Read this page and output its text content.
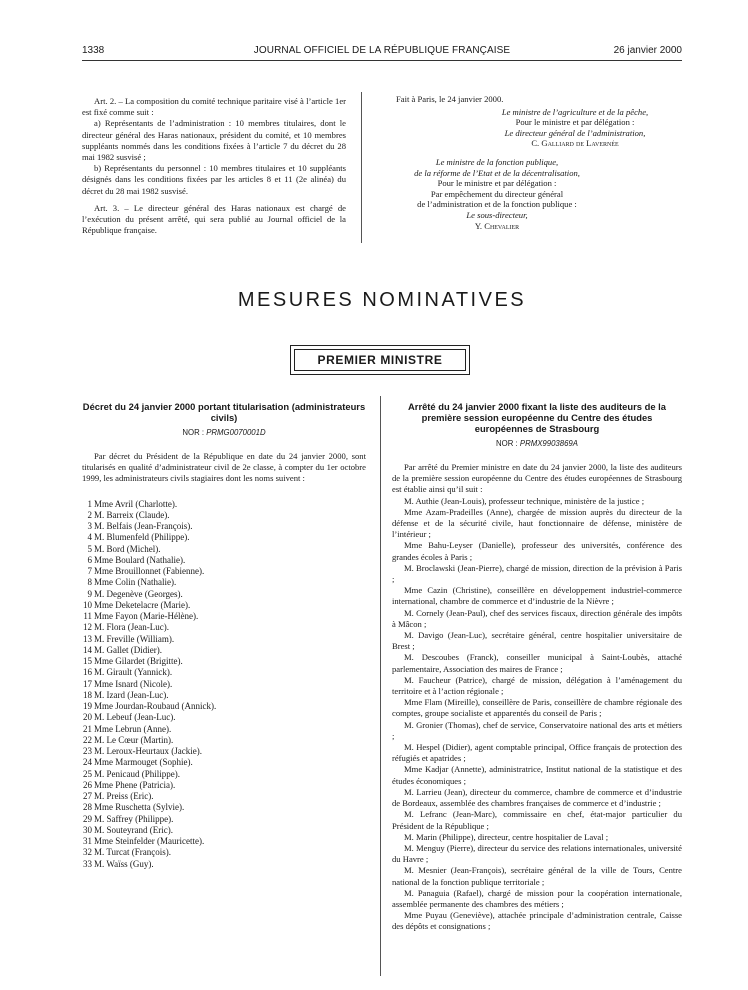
1338	JOURNAL OFFICIEL DE LA RÉPUBLIQUE FRANÇAISE	26 janvier 2000

Art. 2. – La composition du comité technique paritaire visé à l’article 1er est fixé comme suit :

a) Représentants de l’administration : 10 membres titulaires, dont le directeur général des Haras nationaux, président du comité, et 10 membres suppléants nommés dans les conditions fixées à l’article 7 du décret du 28 mai 1982 susvisé ;

b) Représentants du personnel : 10 membres titulaires et 10 suppléants désignés dans les conditions fixées par les articles 8 et 11 (2e alinéa) du décret du 28 mai 1982 susvisé.

Art. 3. – Le directeur général des Haras nationaux est chargé de l’exécution du présent arrêté, qui sera publié au Journal officiel de la République française.

Fait à Paris, le 24 janvier 2000.

Le ministre de l’agriculture et de la pêche,

Pour le ministre et par délégation :

Le directeur général de l’administration,

C. Galliard de Lavernée

Le ministre de la fonction publique,

de la réforme de l’Etat et de la décentralisation,

Pour le ministre et par délégation :

Par empêchement du directeur général

de l’administration et de la fonction publique :

Le sous-directeur,

Y. Chevalier

MESURES NOMINATIVES
PREMIER MINISTRE

Décret du 24 janvier 2000 portant titularisation (administrateurs civils)

NOR : PRMG0070001D

Par décret du Président de la République en date du 24 janvier 2000, sont titularisés en qualité d’administrateur civil de 2e classe, à compter du 1er octobre 1999, les administrateurs civils stagiaires dont les noms suivent :

1 Mme Avril (Charlotte).
2 M. Barreix (Claude).
3 M. Belfais (Jean-François).
4 M. Blumenfeld (Philippe).
5 M. Bord (Michel).
6 Mme Boulard (Nathalie).
7 Mme Brouillonnet (Fabienne).
8 Mme Colin (Nathalie).
9 M. Degenève (Georges).
10 Mme Deketelacre (Marie).
11 Mme Fayon (Marie-Hélène).
12 M. Flora (Jean-Luc).
13 M. Freville (William).
14 M. Gallet (Didier).
15 Mme Gilardet (Brigitte).
16 M. Girault (Yannick).
17 Mme Isnard (Nicole).
18 M. Izard (Jean-Luc).
19 Mme Jourdan-Roubaud (Annick).
20 M. Lebeuf (Jean-Luc).
21 Mme Lebrun (Anne).
22 M. Le Cœur (Martin).
23 M. Leroux-Heurtaux (Jackie).
24 Mme Marmouget (Sophie).
25 M. Penicaud (Philippe).
26 Mme Phene (Patricia).
27 M. Preiss (Eric).
28 Mme Ruschetta (Sylvie).
29 M. Saffrey (Philippe).
30 M. Souteyrand (Eric).
31 Mme Steinfelder (Mauricette).
32 M. Turcat (François).
33 M. Waïss (Guy).

Arrêté du 24 janvier 2000 fixant la liste des auditeurs de la première session européenne du Centre des études européennes de Strasbourg

NOR : PRMX9903869A

Par arrêté du Premier ministre en date du 24 janvier 2000, la liste des auditeurs de la première session européenne du Centre des études européennes de Strasbourg est établie ainsi qu’il suit :

M. Authie (Jean-Louis), professeur technique, ministère de la justice ;

Mme Azam-Pradeilles (Anne), chargée de mission auprès du directeur de la défense et de la sécurité civile, haut fonctionnaire de défense, ministère de l’intérieur ;

Mme Bahu-Leyser (Danielle), professeur des universités, conférence des grandes écoles à Paris ;

M. Broclawski (Jean-Pierre), chargé de mission, direction de la prévision à Paris ;

Mme Cazin (Christine), conseillère en développement industriel-commerce international, chambre de commerce et d’industrie de la Nièvre ;

M. Cornely (Jean-Paul), chef des services fiscaux, direction générale des impôts à Mâcon ;

M. Davigo (Jean-Luc), secrétaire général, centre hospitalier universitaire de Brest ;

M. Descoubes (Franck), conseiller municipal à Saint-Loubès, attaché parlementaire, Association des maires de France ;

M. Faucheur (Patrice), chargé de mission, délégation à l’aménagement du territoire et à l’action régionale ;

Mme Flam (Mireille), conseillère de Paris, conseillère de chambre régionale des comptes, groupe socialiste et apparentés du conseil de Paris ;

M. Gronier (Thomas), chef de service, Conservatoire national des arts et métiers ;

M. Hespel (Didier), agent comptable principal, Office français de protection des réfugiés et apatrides ;

Mme Kadjar (Annette), administratrice, Institut national de la statistique et des études économiques ;

M. Larrieu (Jean), directeur du commerce, chambre de commerce et d’industrie de Bordeaux, assemblée des chambres françaises de commerce et d’industrie ;

M. Lefranc (Jean-Marc), commissaire en chef, état-major particulier du Président de la République ;

M. Marin (Philippe), directeur, centre hospitalier de Laval ;

M. Menguy (Pierre), directeur du service des relations internationales, université du Havre ;

M. Mesnier (Jean-François), secrétaire général de la ville de Tours, Centre national de la fonction publique territoriale ;

M. Panaguia (Rafael), chargé de mission pour la coopération internationale, assemblée permanente des chambres des métiers ;

Mme Puyau (Geneviève), attachée principale d’administration centrale, Caisse des dépôts et consignations ;
